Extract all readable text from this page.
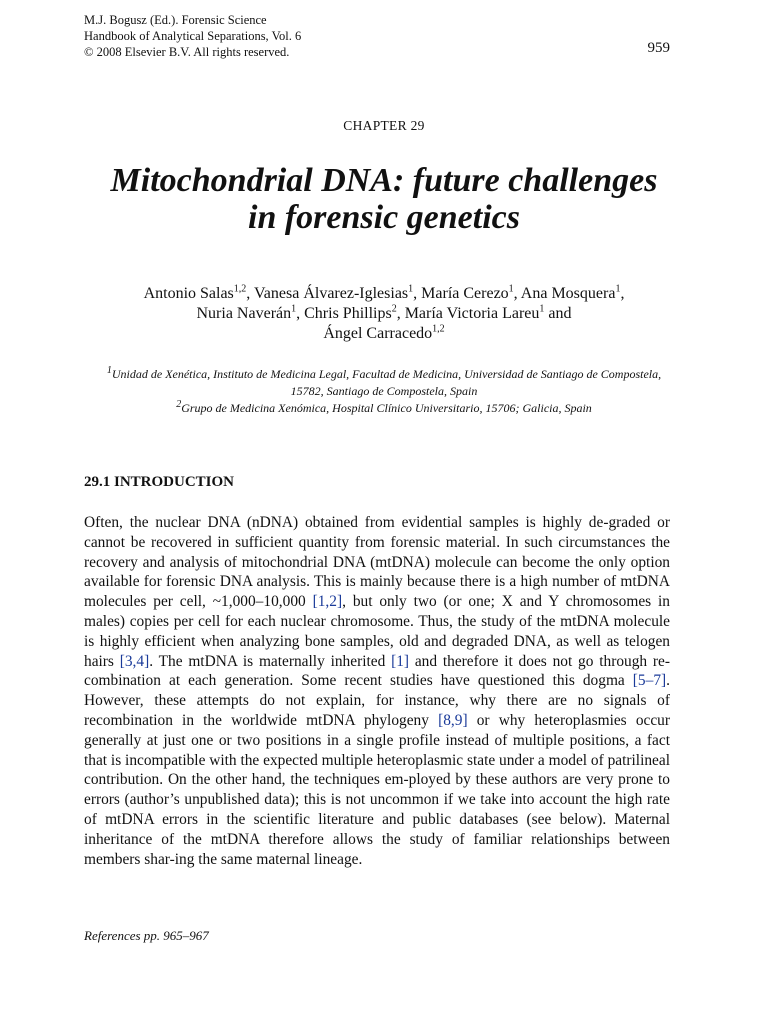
M.J. Bogusz (Ed.). Forensic Science
Handbook of Analytical Separations, Vol. 6
© 2008 Elsevier B.V. All rights reserved.	959
CHAPTER 29
Mitochondrial DNA: future challenges
in forensic genetics
Antonio Salas$^{1,2}$, Vanesa Álvarez-Iglesias$^1$, María Cerezo$^1$, Ana Mosquera$^1$,
Nuria Naverán$^1$, Chris Phillips$^2$, María Victoria Lareu$^1$ and
Ángel Carracedo$^{1,2}$
$^1$Unidad de Xenética, Instituto de Medicina Legal, Facultad de Medicina, Universidad de Santiago de Compostela, 15782, Santiago de Compostela, Spain
$^2$Grupo de Medicina Xenómica, Hospital Clínico Universitario, 15706; Galicia, Spain
29.1 INTRODUCTION
Often, the nuclear DNA (nDNA) obtained from evidential samples is highly de-graded or cannot be recovered in sufficient quantity from forensic material. In such circumstances the recovery and analysis of mitochondrial DNA (mtDNA) molecule can become the only option available for forensic DNA analysis. This is mainly because there is a high number of mtDNA molecules per cell, ~1,000–10,000 [1,2], but only two (or one; X and Y chromosomes in males) copies per cell for each nuclear chromosome. Thus, the study of the mtDNA molecule is highly efficient when analyzing bone samples, old and degraded DNA, as well as telogen hairs [3,4]. The mtDNA is maternally inherited [1] and therefore it does not go through re-combination at each generation. Some recent studies have questioned this dogma [5–7]. However, these attempts do not explain, for instance, why there are no signals of recombination in the worldwide mtDNA phylogeny [8,9] or why heteroplasmies occur generally at just one or two positions in a single profile instead of multiple positions, a fact that is incompatible with the expected multiple heteroplasmic state under a model of patrilineal contribution. On the other hand, the techniques em-ployed by these authors are very prone to errors (author’s unpublished data); this is not uncommon if we take into account the high rate of mtDNA errors in the scientific literature and public databases (see below). Maternal inheritance of the mtDNA therefore allows the study of familiar relationships between members shar-ing the same maternal lineage.
References pp. 965–967
